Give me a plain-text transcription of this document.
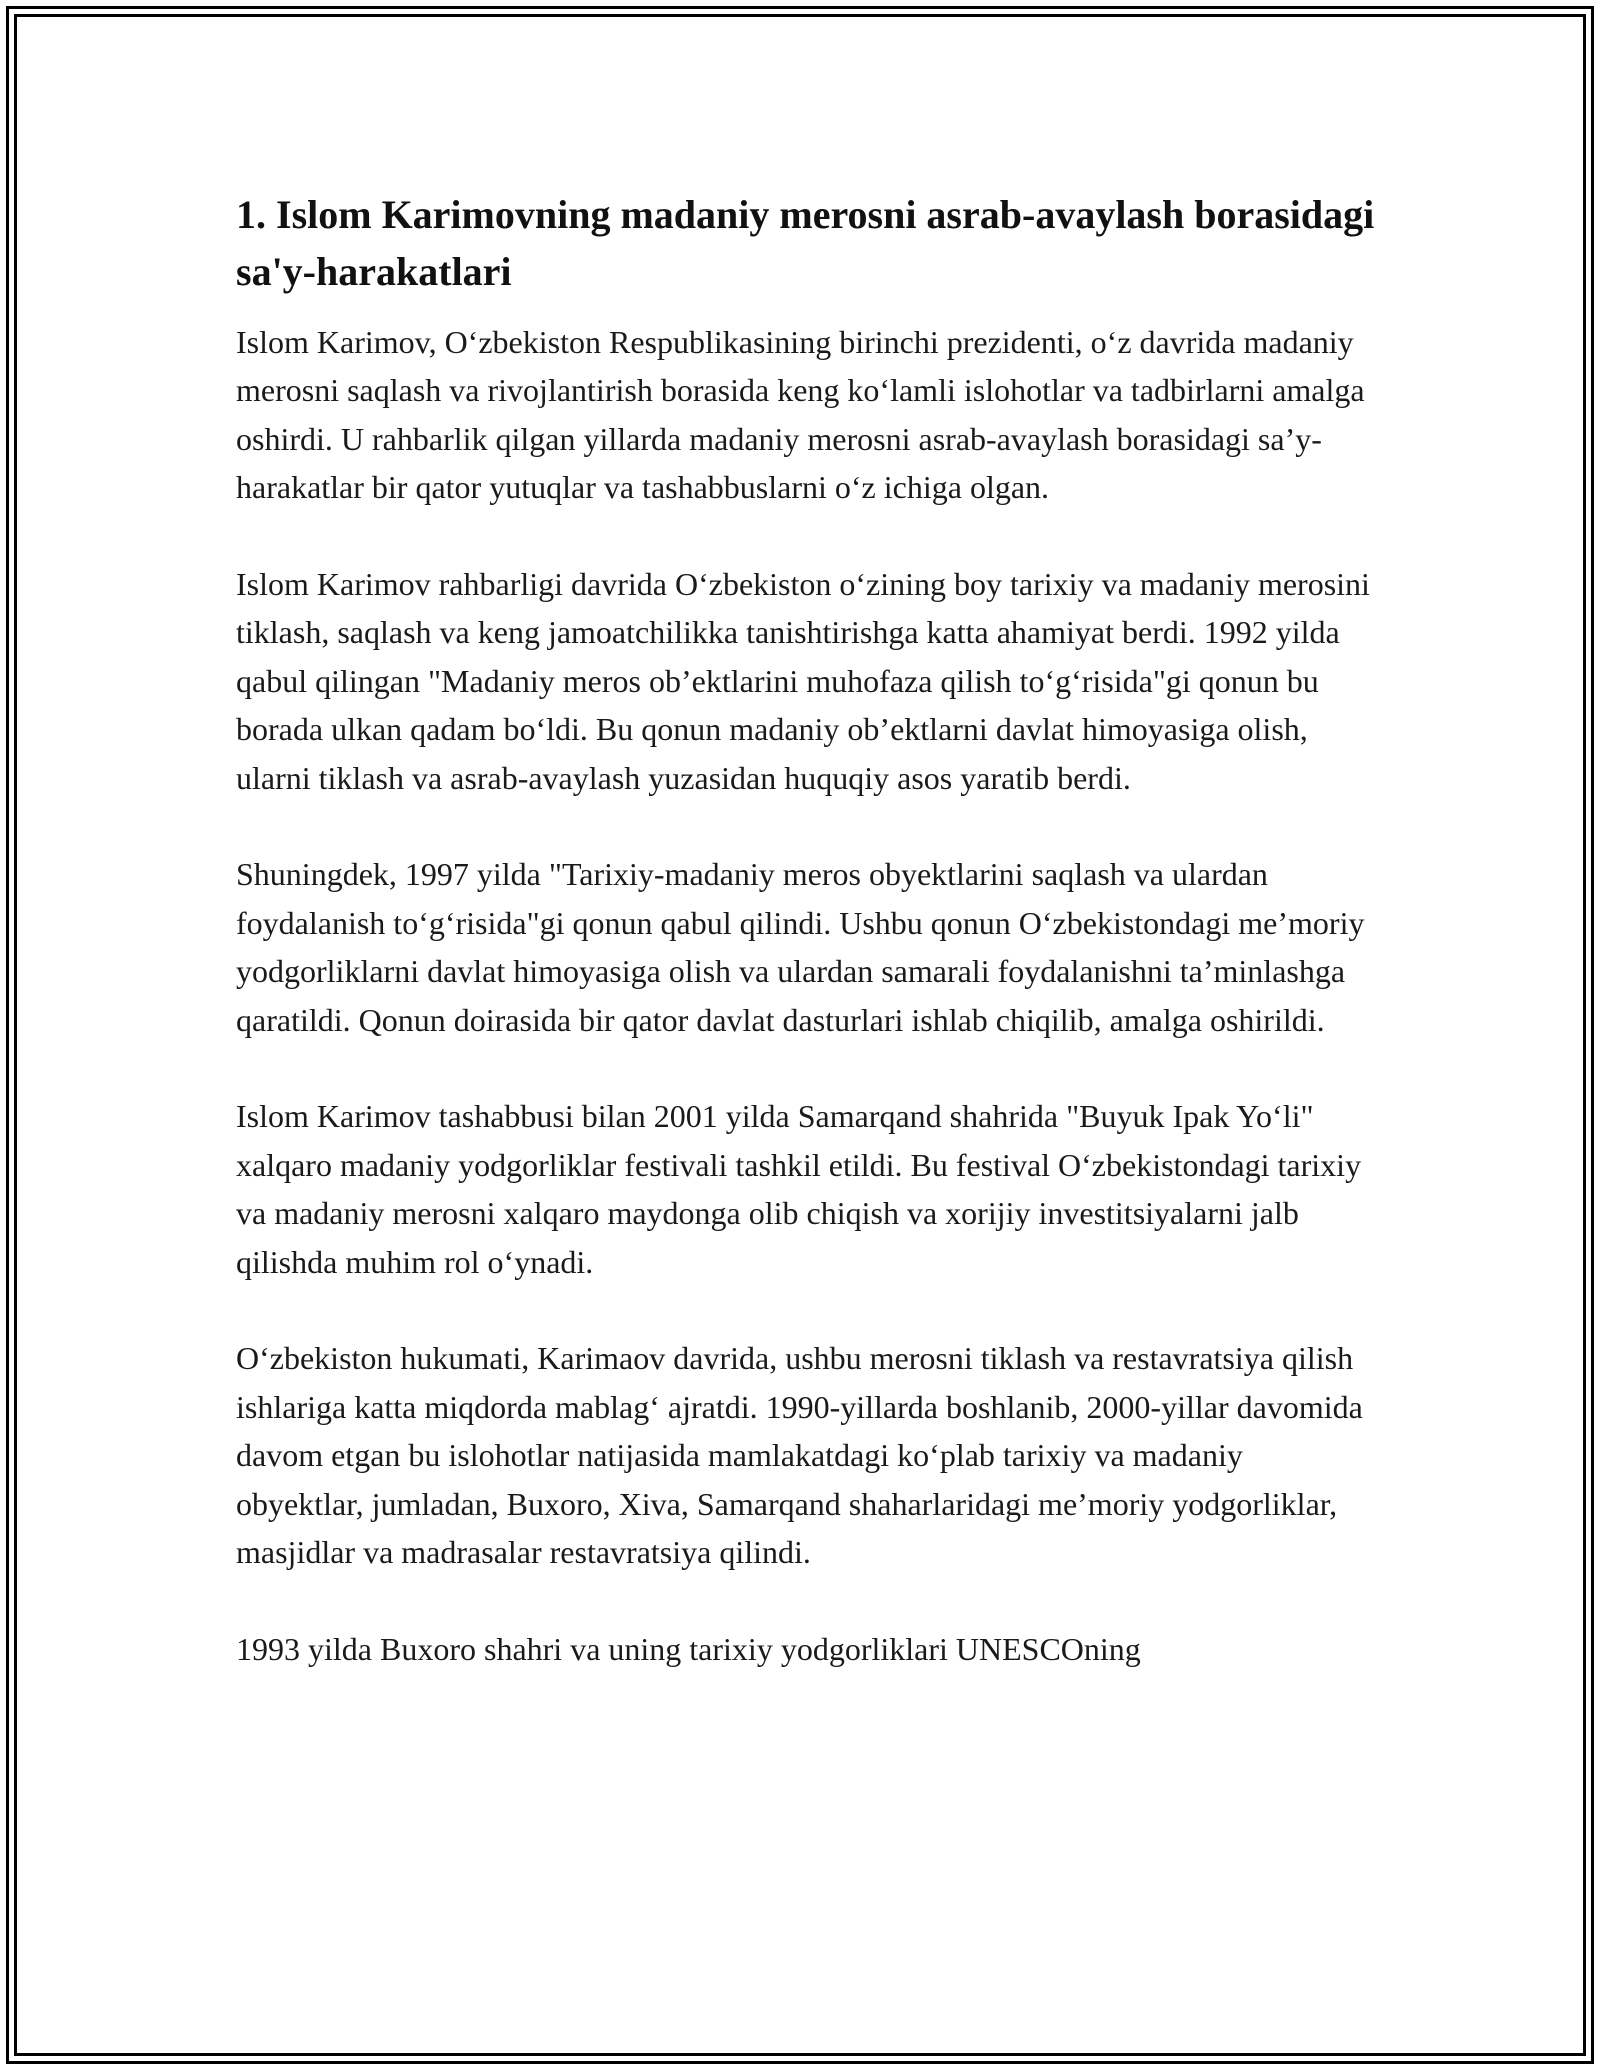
1. Islom Karimovning madaniy merosni asrab-avaylash borasidagi sa'y-harakatlari

Islom Karimov, O‘zbekiston Respublikasining birinchi prezidenti, o‘z davrida madaniy merosni saqlash va rivojlantirish borasida keng ko‘lamli islohotlar va tadbirlarni amalga oshirdi. U rahbarlik qilgan yillarda madaniy merosni asrab-avaylash borasidagi sa’y-harakatlar bir qator yutuqlar va tashabbuslarni o‘z ichiga olgan.

Islom Karimov rahbarligi davrida O‘zbekiston o‘zining boy tarixiy va madaniy merosini tiklash, saqlash va keng jamoatchilikka tanishtirishga katta ahamiyat berdi. 1992 yilda qabul qilingan "Madaniy meros ob’ektlarini muhofaza qilish to‘g‘risida"gi qonun bu borada ulkan qadam bo‘ldi. Bu qonun madaniy ob’ektlarni davlat himoyasiga olish, ularni tiklash va asrab-avaylash yuzasidan huquqiy asos yaratib berdi.

Shuningdek, 1997 yilda "Tarixiy-madaniy meros obyektlarini saqlash va ulardan foydalanish to‘g‘risida"gi qonun qabul qilindi. Ushbu qonun O‘zbekistondagi me’moriy yodgorliklarni davlat himoyasiga olish va ulardan samarali foydalanishni ta’minlashga qaratildi. Qonun doirasida bir qator davlat dasturlari ishlab chiqilib, amalga oshirildi.

Islom Karimov tashabbusi bilan 2001 yilda Samarqand shahrida "Buyuk Ipak Yo‘li" xalqaro madaniy yodgorliklar festivali tashkil etildi. Bu festival O‘zbekistondagi tarixiy va madaniy merosni xalqaro maydonga olib chiqish va xorijiy investitsiyalarni jalb qilishda muhim rol o‘ynadi.

O‘zbekiston hukumati, Karimaov davrida, ushbu merosni tiklash va restavratsiya qilish ishlariga katta miqdorda mablag‘ ajratdi. 1990-yillarda boshlanib, 2000-yillar davomida davom etgan bu islohotlar natijasida mamlakatdagi ko‘plab tarixiy va madaniy obyektlar, jumladan, Buxoro, Xiva, Samarqand shaharlaridagi me’moriy yodgorliklar, masjidlar va madrasalar restavratsiya qilindi.

1993 yilda Buxoro shahri va uning tarixiy yodgorliklari UNESCOning
